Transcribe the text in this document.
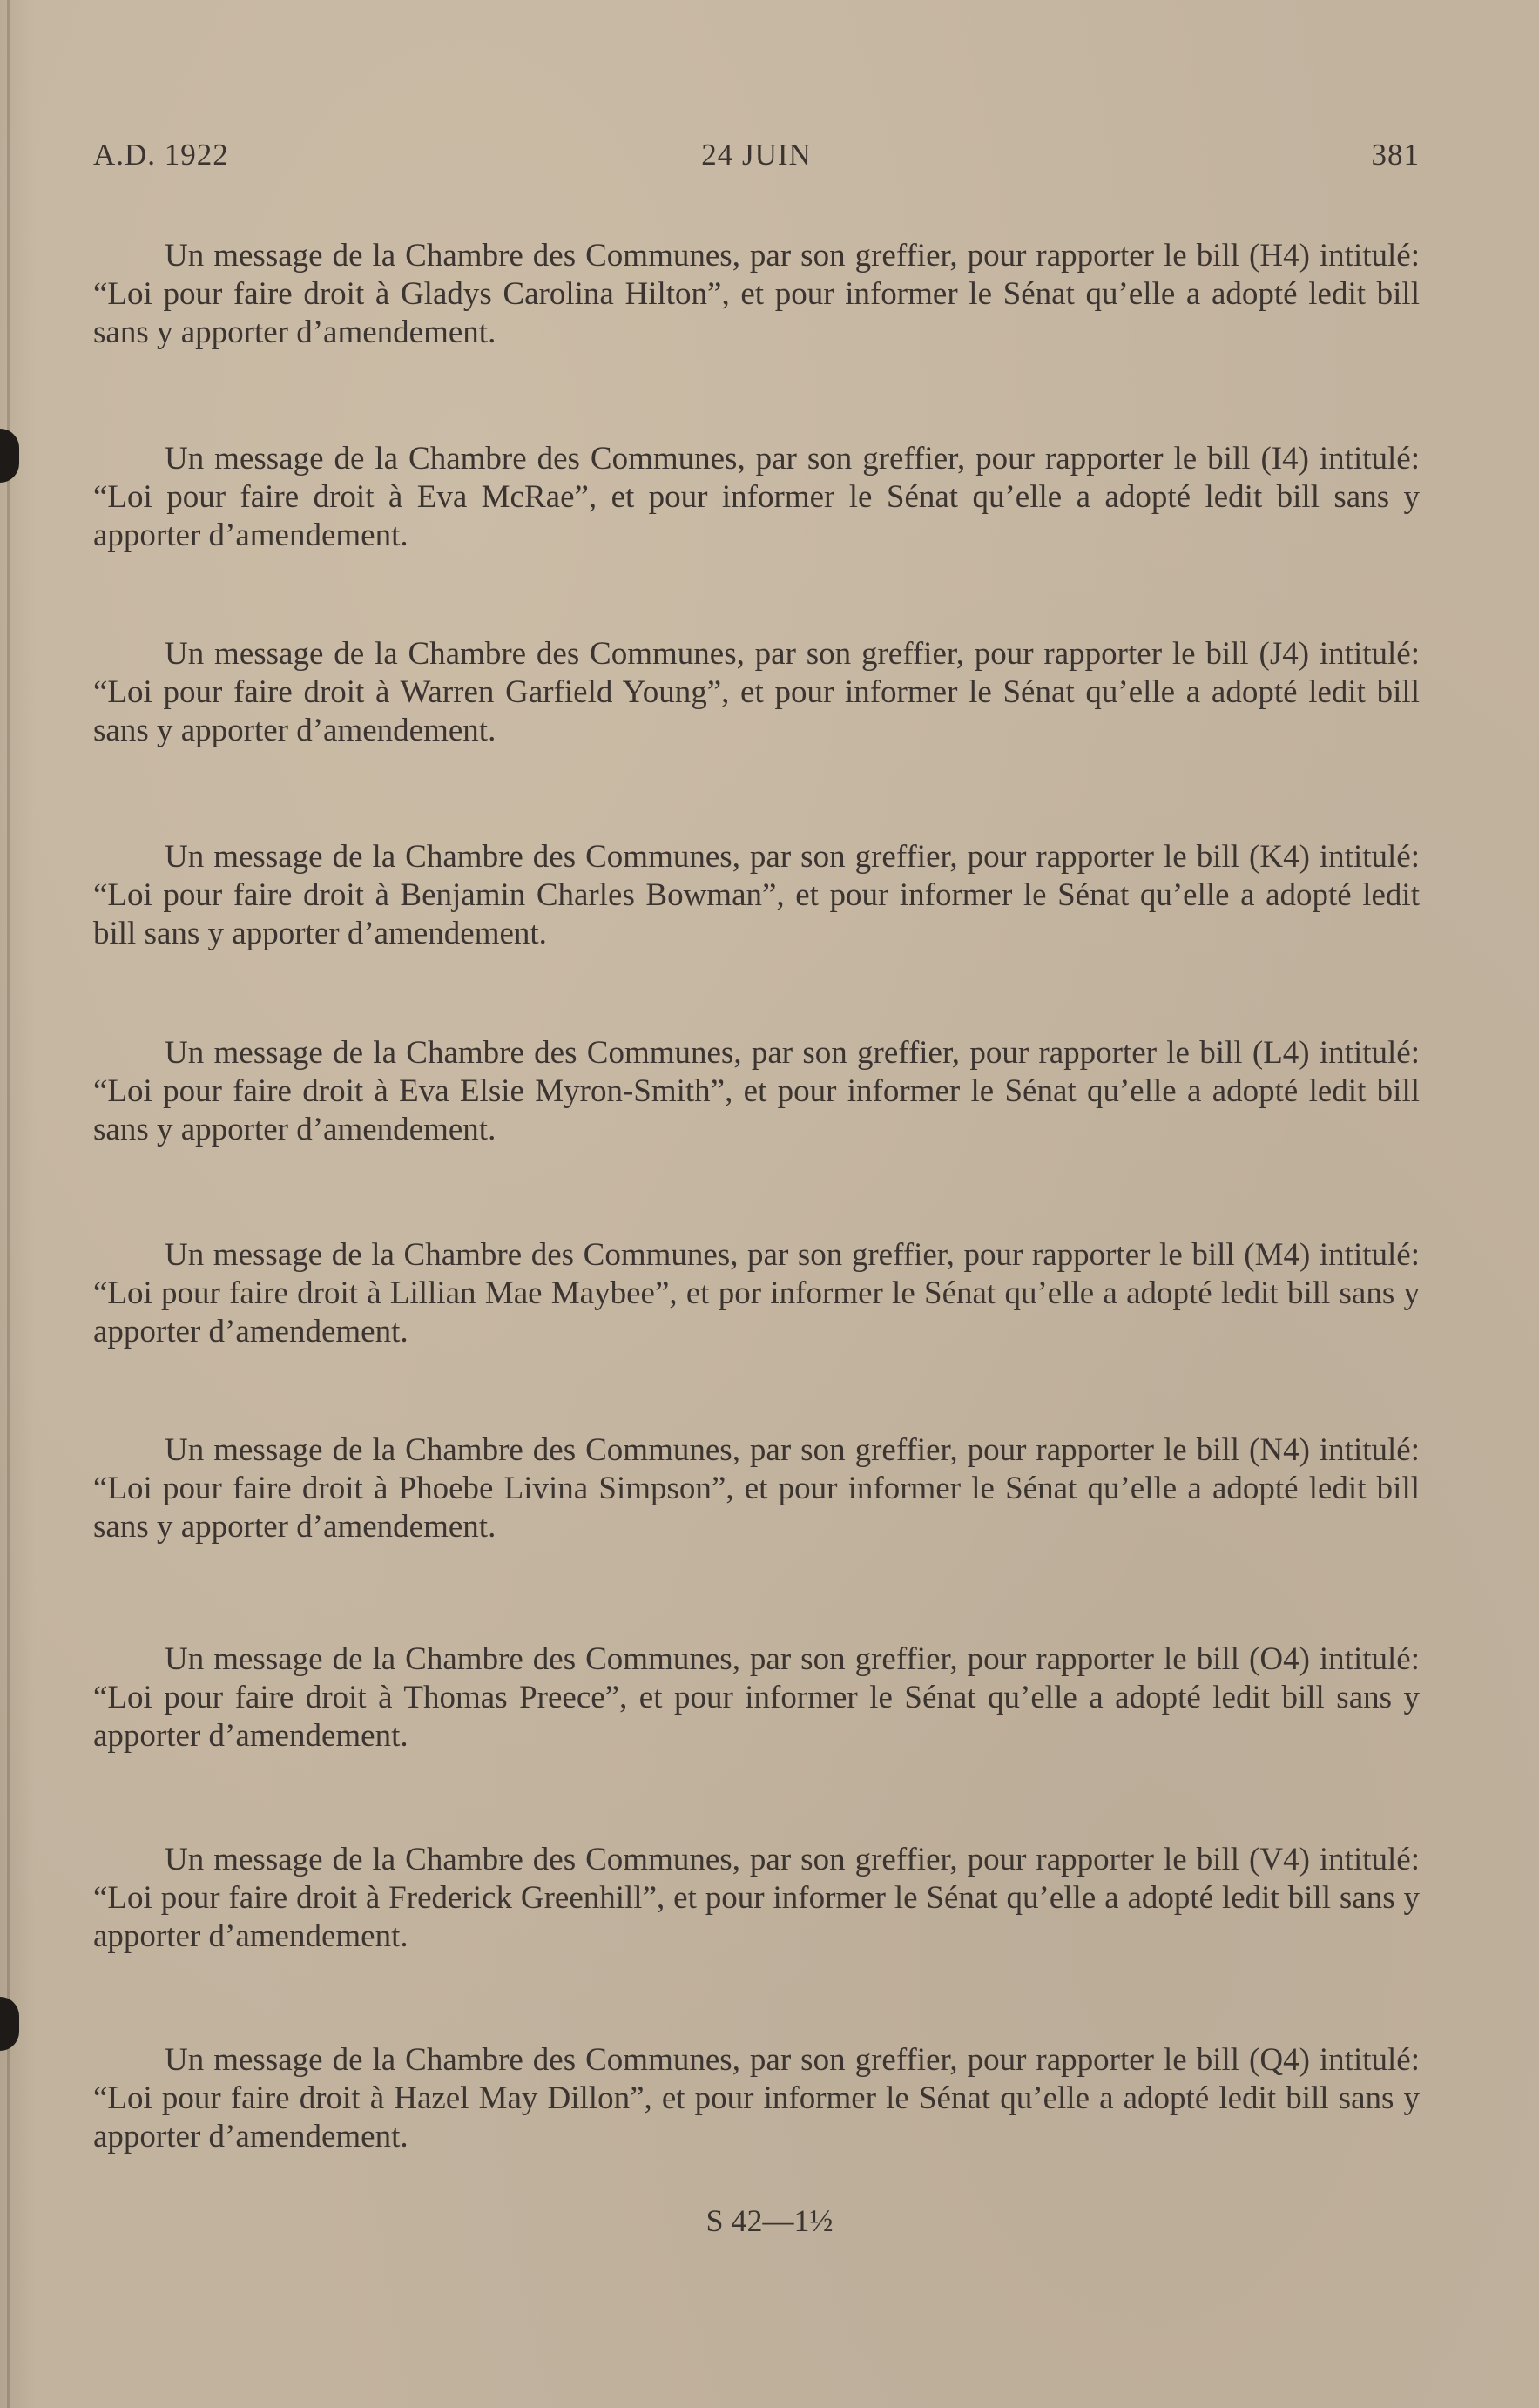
A.D. 1922	24 JUIN	381

Un message de la Chambre des Communes, par son greffier, pour rapporter le bill (H4) intitulé: “Loi pour faire droit à Gladys Carolina Hilton”, et pour informer le Sénat qu’elle a adopté ledit bill sans y apporter d’amendement.

Un message de la Chambre des Communes, par son greffier, pour rapporter le bill (I4) intitulé: “Loi pour faire droit à Eva McRae”, et pour informer le Sénat qu’elle a adopté ledit bill sans y apporter d’amendement.

Un message de la Chambre des Communes, par son greffier, pour rapporter le bill (J4) intitulé: “Loi pour faire droit à Warren Garfield Young”, et pour informer le Sénat qu’elle a adopté ledit bill sans y apporter d’amendement.

Un message de la Chambre des Communes, par son greffier, pour rapporter le bill (K4) intitulé: “Loi pour faire droit à Benjamin Charles Bowman”, et pour informer le Sénat qu’elle a adopté ledit bill sans y apporter d’amendement.

Un message de la Chambre des Communes, par son greffier, pour rapporter le bill (L4) intitulé: “Loi pour faire droit à Eva Elsie Myron-Smith”, et pour informer le Sénat qu’elle a adopté ledit bill sans y apporter d’amendement.

Un message de la Chambre des Communes, par son greffier, pour rapporter le bill (M4) intitulé: “Loi pour faire droit à Lillian Mae Maybee”, et por informer le Sénat qu’elle a adopté ledit bill sans y apporter d’amendement.

Un message de la Chambre des Communes, par son greffier, pour rapporter le bill (N4) intitulé: “Loi pour faire droit à Phoebe Livina Simpson”, et pour informer le Sénat qu’elle a adopté ledit bill sans y apporter d’amendement.

Un message de la Chambre des Communes, par son greffier, pour rapporter le bill (O4) intitulé: “Loi pour faire droit à Thomas Preece”, et pour informer le Sénat qu’elle a adopté ledit bill sans y apporter d’amendement.

Un message de la Chambre des Communes, par son greffier, pour rapporter le bill (V4) intitulé: “Loi pour faire droit à Frederick Greenhill”, et pour informer le Sénat qu’elle a adopté ledit bill sans y apporter d’amendement.

Un message de la Chambre des Communes, par son greffier, pour rapporter le bill (Q4) intitulé: “Loi pour faire droit à Hazel May Dillon”, et pour informer le Sénat qu’elle a adopté ledit bill sans y apporter d’amendement.

S 42—1½
